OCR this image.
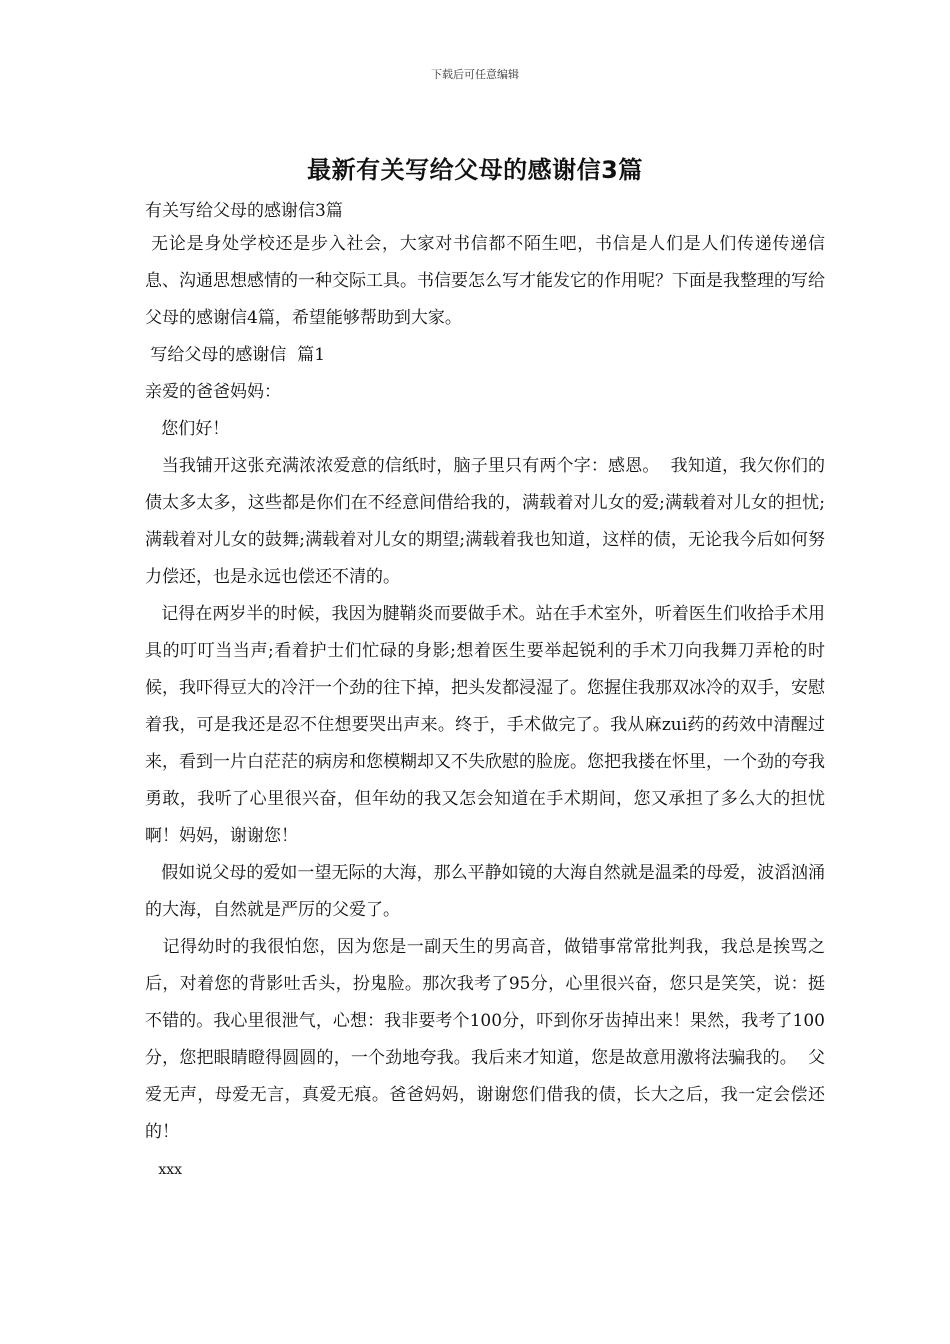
下载后可任意编辑
最新有关写给父母的感谢信3篇

有关写给父母的感谢信3篇

无论是身处学校还是步入社会，大家对书信都不陌生吧，书信是人们是人们传递传递信息、沟通思想感情的一种交际工具。书信要怎么写才能发它的作用呢？下面是我整理的写给父母的感谢信4篇，希望能够帮助到大家。

写给父母的感谢信  篇1

亲爱的爸爸妈妈：

您们好！

当我铺开这张充满浓浓爱意的信纸时，脑子里只有两个字：感恩。  我知道，我欠你们的债太多太多，这些都是你们在不经意间借给我的，满载着对儿女的爱;满载着对儿女的担忧;满载着对儿女的鼓舞;满载着对儿女的期望;满载着我也知道，这样的债，无论我今后如何努力偿还，也是永远也偿还不清的。

记得在两岁半的时候，我因为腱鞘炎而要做手术。站在手术室外，听着医生们收拾手术用具的叮叮当当声;看着护士们忙碌的身影;想着医生要举起锐利的手术刀向我舞刀弄枪的时候，我吓得豆大的冷汗一个劲的往下掉，把头发都浸湿了。您握住我那双冰冷的双手，安慰着我，可是我还是忍不住想要哭出声来。终于，手术做完了。我从麻zui药的药效中清醒过来，看到一片白茫茫的病房和您模糊却又不失欣慰的脸庞。您把我搂在怀里，一个劲的夸我勇敢，我听了心里很兴奋，但年幼的我又怎会知道在手术期间，您又承担了多么大的担忧啊！妈妈，谢谢您！

假如说父母的爱如一望无际的大海，那么平静如镜的大海自然就是温柔的母爱，波滔汹涌的大海，自然就是严厉的父爱了。

记得幼时的我很怕您，因为您是一副天生的男高音，做错事常常批判我，我总是挨骂之后，对着您的背影吐舌头，扮鬼脸。那次我考了95分，心里很兴奋，您只是笑笑，说：挺不错的。我心里很泄气，心想：我非要考个100分，吓到你牙齿掉出来！果然，我考了100分，您把眼睛瞪得圆圆的，一个劲地夸我。我后来才知道，您是故意用激将法骗我的。  父爱无声，母爱无言，真爱无痕。爸爸妈妈，谢谢您们借我的债，长大之后，我一定会偿还的！

xxx
